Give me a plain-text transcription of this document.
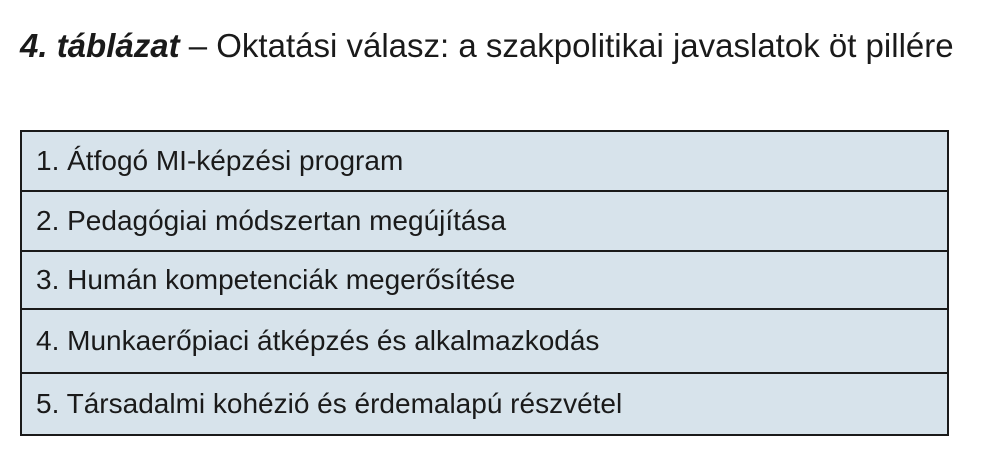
4. táblázat – Oktatási válasz: a szakpolitikai javaslatok öt pillére
1. Átfogó MI-képzési program
2. Pedagógiai módszertan megújítása
3. Humán kompetenciák megerősítése
4. Munkaerőpiaci átképzés és alkalmazkodás
5. Társadalmi kohézió és érdemalapú részvétel
